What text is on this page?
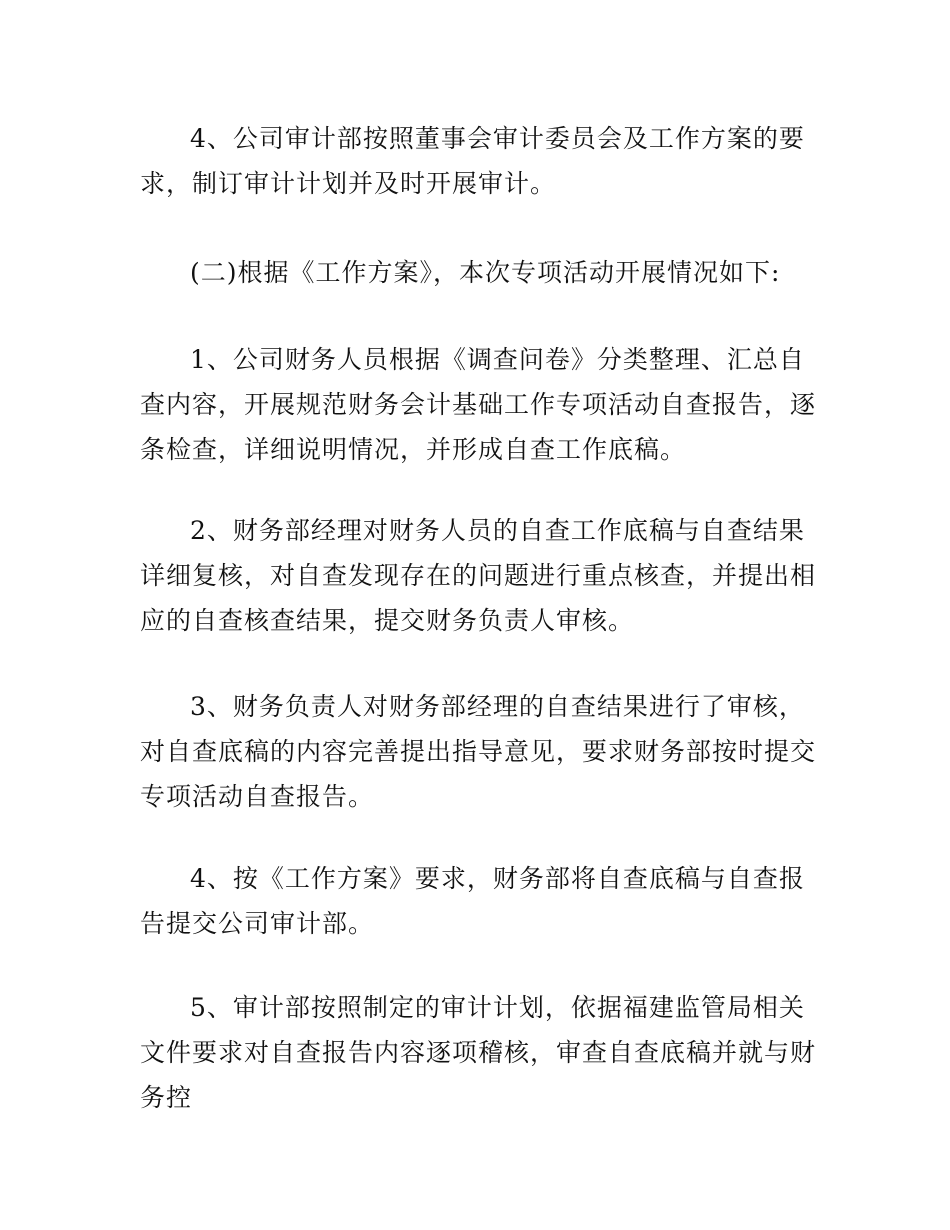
4、公司审计部按照董事会审计委员会及工作方案的要求，制订审计计划并及时开展审计。

(二)根据《工作方案》，本次专项活动开展情况如下:

1、公司财务人员根据《调查问卷》分类整理、汇总自查内容，开展规范财务会计基础工作专项活动自查报告，逐条检查，详细说明情况，并形成自查工作底稿。

2、财务部经理对财务人员的自查工作底稿与自查结果详细复核，对自查发现存在的问题进行重点核查，并提出相应的自查核查结果，提交财务负责人审核。

3、财务负责人对财务部经理的自查结果进行了审核，对自查底稿的内容完善提出指导意见，要求财务部按时提交专项活动自查报告。

4、按《工作方案》要求，财务部将自查底稿与自查报告提交公司审计部。

5、审计部按照制定的审计计划，依据福建监管局相关文件要求对自查报告内容逐项稽核，审查自查底稿并就与财务控
